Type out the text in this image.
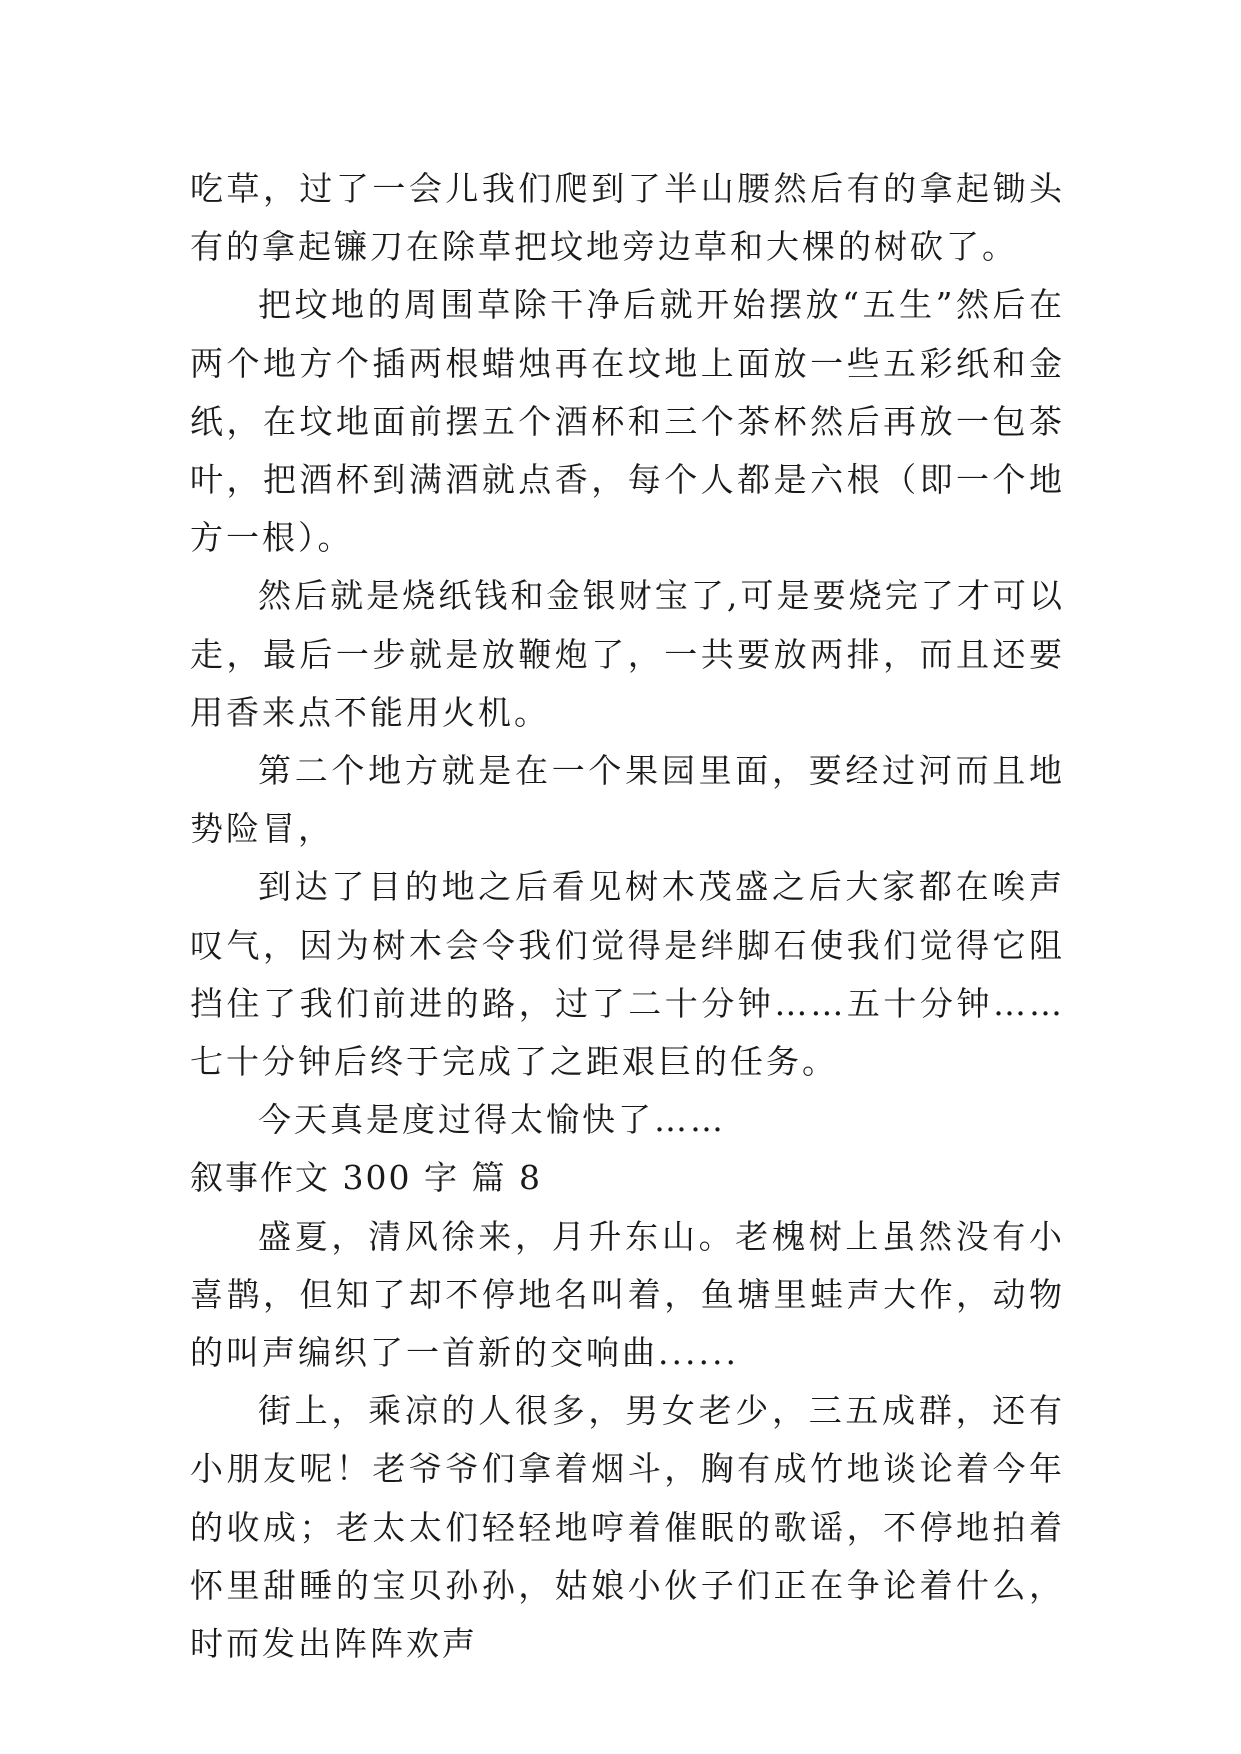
吃草，过了一会儿我们爬到了半山腰然后有的拿起锄头有的拿起镰刀在除草把坟地旁边草和大棵的树砍了。

把坟地的周围草除干净后就开始摆放“五生”然后在两个地方个插两根蜡烛再在坟地上面放一些五彩纸和金纸，在坟地面前摆五个酒杯和三个茶杯然后再放一包茶叶，把酒杯到满酒就点香，每个人都是六根（即一个地方一根）。

然后就是烧纸钱和金银财宝了,可是要烧完了才可以走，最后一步就是放鞭炮了，一共要放两排，而且还要用香来点不能用火机。

第二个地方就是在一个果园里面，要经过河而且地势险冒，

到达了目的地之后看见树木茂盛之后大家都在唉声叹气，因为树木会令我们觉得是绊脚石使我们觉得它阻挡住了我们前进的路，过了二十分钟……五十分钟……七十分钟后终于完成了之距艰巨的任务。

今天真是度过得太愉快了……

叙事作文 300 字 篇 8

盛夏，清风徐来，月升东山。老槐树上虽然没有小喜鹊，但知了却不停地名叫着，鱼塘里蛙声大作，动物的叫声编织了一首新的交响曲......

街上，乘凉的人很多，男女老少，三五成群，还有小朋友呢！老爷爷们拿着烟斗，胸有成竹地谈论着今年的收成；老太太们轻轻地哼着催眠的歌谣，不停地拍着怀里甜睡的宝贝孙孙，姑娘小伙子们正在争论着什么，时而发出阵阵欢声
